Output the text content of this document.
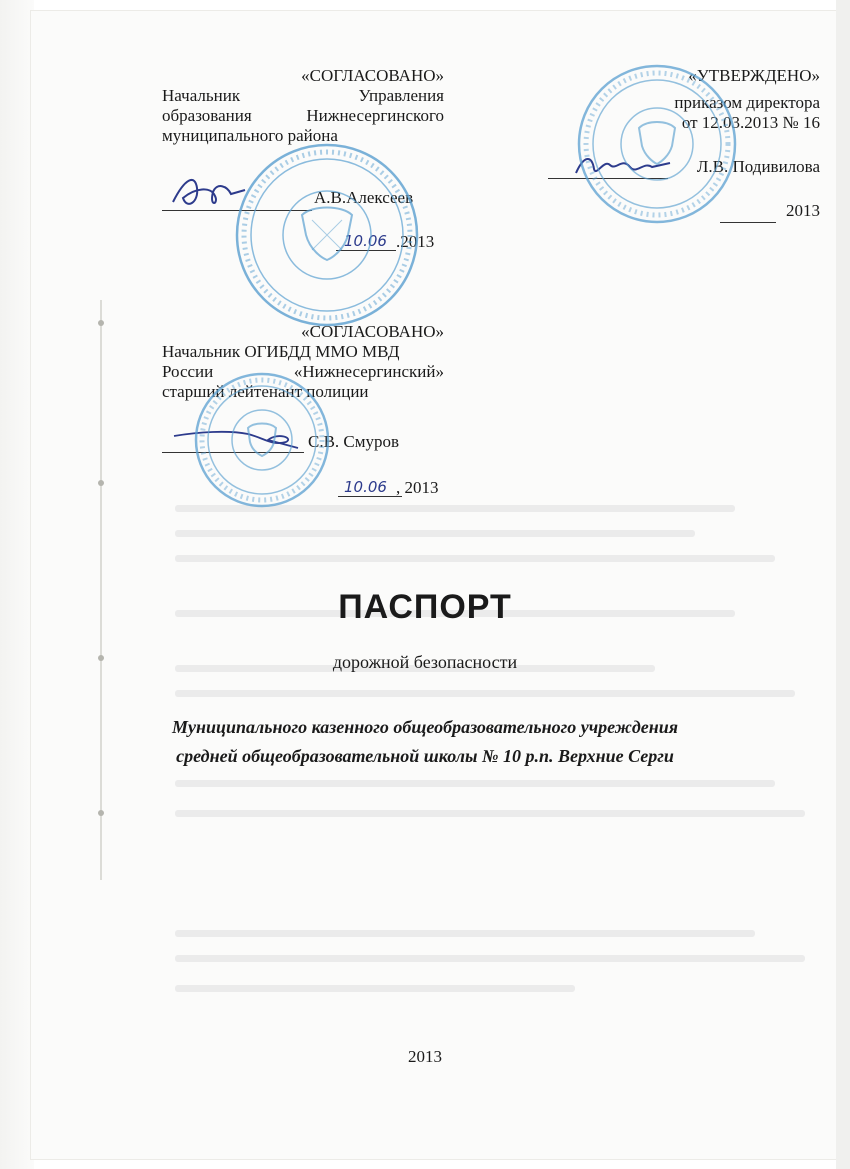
«СОГЛАСОВАНО»
Начальник	Управления
образования	Нижнесергинского
муниципального района
А.В.Алексеев
10.06 .2013
«УТВЕРЖДЕНО»
приказом директора
от 12.03.2013 № 16
Л.В. Подивилова
2013
«СОГЛАСОВАНО»
Начальник ОГИБДД ММО МВД
России	«Нижнесергинский»
старший лейтенант полиции
С.В. Смуров
10.06 , 2013
ПАСПОРТ
дорожной безопасности
Муниципального казенного общеобразовательного учреждения
средней общеобразовательной школы № 10 р.п. Верхние Серги
2013
